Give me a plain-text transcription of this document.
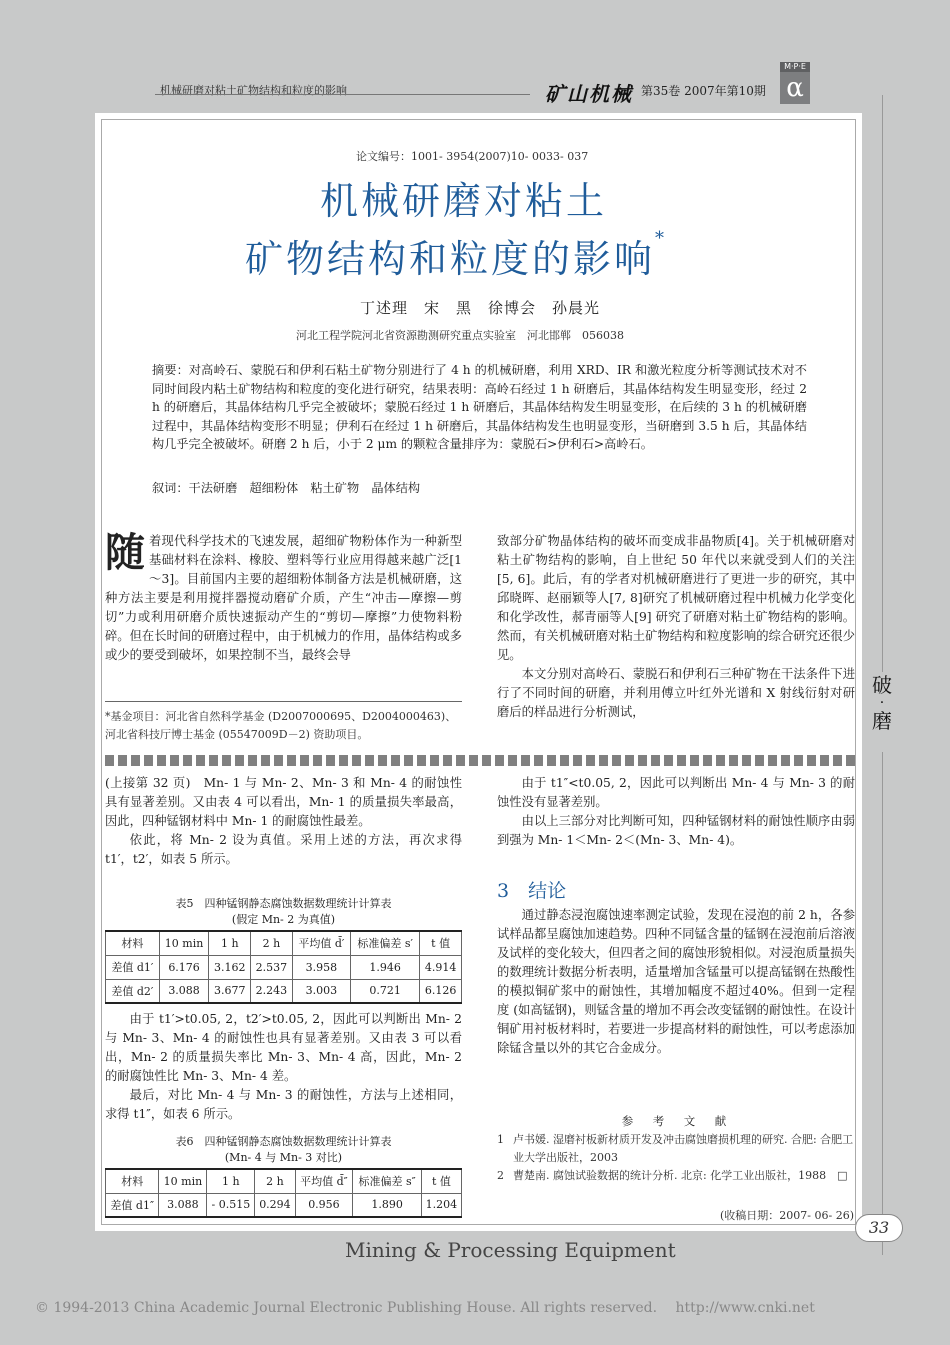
机械研磨对粘土矿物结构和粒度的影响	矿山机械 第35卷 2007年第10期
M·P·E
α
破
·
磨
论文编号：1001- 3954(2007)10- 0033- 037
机械研磨对粘土
矿物结构和粒度的影响*
丁述理　宋　黑　徐博会　孙晨光
河北工程学院河北省资源勘测研究重点实验室　河北邯郸　056038
摘要：对高岭石、蒙脱石和伊利石粘土矿物分别进行了 4 h 的机械研磨，利用 XRD、IR 和激光粒度分析等测试技术对不同时间段内粘土矿物结构和粒度的变化进行研究，结果表明：高岭石经过 1 h 研磨后，其晶体结构发生明显变形，经过 2 h 的研磨后，其晶体结构几乎完全被破坏；蒙脱石经过 1 h 研磨后，其晶体结构发生明显变形，在后续的 3 h 的机械研磨过程中，其晶体结构变形不明显；伊利石在经过 1 h 研磨后，其晶体结构发生也明显变形，当研磨到 3.5 h 后，其晶体结构几乎完全被破坏。研磨 2 h 后，小于 2 μm 的颗粒含量排序为：蒙脱石>伊利石>高岭石。
叙词：干法研磨　超细粉体　粘土矿物　晶体结构
随着现代科学技术的飞速发展，超细矿物粉体作为一种新型基础材料在涂料、橡胶、塑料等行业应用得越来越广泛[1～3]。目前国内主要的超细粉体制备方法是机械研磨，这种方法主要是利用搅拌器搅动磨矿介质，产生“冲击—摩擦—剪切”力或利用研磨介质快速振动产生的“剪切—摩擦”力使物料粉碎。但在长时间的研磨过程中，由于机械力的作用，晶体结构或多或少的要受到破坏，如果控制不当，最终会导
*基金项目：河北省自然科学基金 (D2007000695、D2004000463)、河北省科技厅博士基金 (05547009D－2) 资助项目。

致部分矿物晶体结构的破坏而变成非晶物质[4]。关于机械研磨对粘土矿物结构的影响，自上世纪 50 年代以来就受到人们的关注[5, 6]。此后，有的学者对机械研磨进行了更进一步的研究，其中邱晓晖、赵丽颖等人[7, 8]研究了机械研磨过程中机械力化学变化和化学改性，郝青丽等人[9] 研究了研磨对粘土矿物结构的影响。然而，有关机械研磨对粘土矿物结构和粒度影响的综合研究还很少见。

本文分别对高岭石、蒙脱石和伊利石三种矿物在干法条件下进行了不同时间的研磨，并利用傅立叶红外光谱和 X 射线衍射对研磨后的样品进行分析测试，

(上接第 32 页)　Mn- 1 与 Mn- 2、Mn- 3 和 Mn- 4 的耐蚀性具有显著差别。又由表 4 可以看出，Mn- 1 的质量损失率最高，因此，四种锰钢材料中 Mn- 1 的耐腐蚀性最差。

依此，将 Mn- 2 设为真值。采用上述的方法，再次求得 t1′，t2′，如表 5 所示。

表5　四种锰钢静态腐蚀数据数理统计计算表
(假定 Mn- 2 为真值)
材料	10 min	1 h	2 h	平均值 d̄′	标准偏差 s′	t 值
差值 d1′	6.176	3.162	2.537	3.958	1.946	4.914
差值 d2′	3.088	3.677	2.243	3.003	0.721	6.126

由于 t1′>t0.05, 2，t2′>t0.05, 2，因此可以判断出 Mn- 2 与 Mn- 3、Mn- 4 的耐蚀性也具有显著差别。又由表 3 可以看出，Mn- 2 的质量损失率比 Mn- 3、Mn- 4 高，因此，Mn- 2 的耐腐蚀性比 Mn- 3、Mn- 4 差。

最后，对比 Mn- 4 与 Mn- 3 的耐蚀性，方法与上述相同，求得 t1″，如表 6 所示。

表6　四种锰钢静态腐蚀数据数理统计计算表
(Mn- 4 与 Mn- 3 对比)
材料	10 min	1 h	2 h	平均值 d̄″	标准偏差 s″	t 值
差值 d1″	3.088	- 0.515	0.294	0.956	1.890	1.204

由于 t1″<t0.05, 2，因此可以判断出 Mn- 4 与 Mn- 3 的耐蚀性没有显著差别。

由以上三部分对比判断可知，四种锰钢材料的耐蚀性顺序由弱到强为 Mn- 1＜Mn- 2＜(Mn- 3、Mn- 4)。

3　结论

通过静态浸泡腐蚀速率测定试验，发现在浸泡的前 2 h，各参试样品都呈腐蚀加速趋势。四种不同锰含量的锰钢在浸泡前后溶液及试样的变化较大，但四者之间的腐蚀形貌相似。对浸泡质量损失的数理统计数据分析表明，适量增加含锰量可以提高锰钢在热酸性的模拟铜矿浆中的耐蚀性，其增加幅度不超过40%。但到一定程度 (如高锰钢)，则锰含量的增加不再会改变锰钢的耐蚀性。在设计铜矿用衬板材料时，若要进一步提高材料的耐蚀性，可以考虑添加除锰含量以外的其它合金成分。

参　考　文　献
1 卢书媛. 湿磨衬板新材质开发及冲击腐蚀磨损机理的研究. 合肥: 合肥工业大学出版社，2003
2 曹楚南. 腐蚀试验数据的统计分析. 北京: 化学工业出版社，1988　□
(收稿日期：2007- 06- 26)
33
Mining & Processing Equipment
© 1994-2013 China Academic Journal Electronic Publishing House. All rights reserved.　 http://www.cnki.net
